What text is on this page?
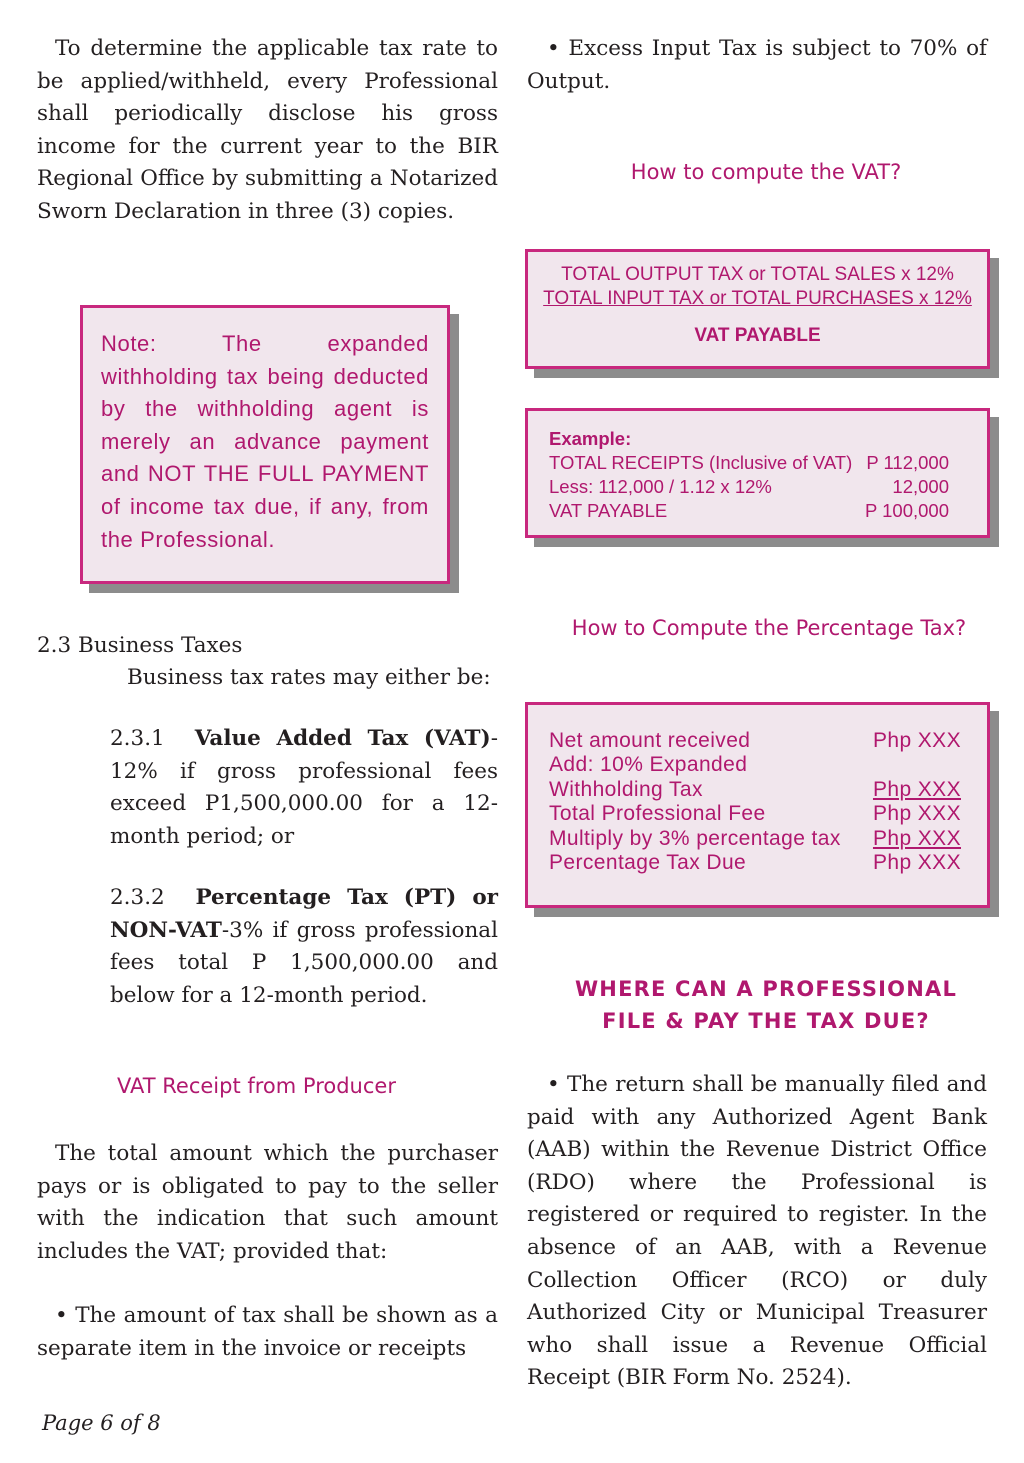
To determine the applicable tax rate to be applied/withheld, every Professional shall periodically disclose his gross income for the current year to the BIR Regional Office by submitting a Notarized Sworn Declaration in three (3) copies.
Note: The expanded withholding tax being deducted by the withholding agent is merely an advance payment and NOT THE FULL PAYMENT of income tax due, if any, from the Professional.
2.3 Business Taxes
Business tax rates may either be:
2.3.1 Value Added Tax (VAT)- 12% if gross professional fees exceed P1,500,000.00 for a 12-month period; or
2.3.2 Percentage Tax (PT) or NON-VAT-3% if gross professional fees total P 1,500,000.00 and below for a 12-month period.
VAT Receipt from Producer
The total amount which the purchaser pays or is obligated to pay to the seller with the indication that such amount includes the VAT; provided that:
• The amount of tax shall be shown as a separate item in the invoice or receipts
Page 6 of 8
• Excess Input Tax is subject to 70% of Output.
How to compute the VAT?
TOTAL OUTPUT TAX or TOTAL SALES x 12%
TOTAL INPUT TAX or TOTAL PURCHASES x 12%
VAT PAYABLE
Example:
TOTAL RECEIPTS (Inclusive of VAT) P 112,000
Less: 112,000 / 1.12 x 12%	12,000
VAT PAYABLE	P 100,000
How to Compute the Percentage Tax?
Net amount received	Php XXX
Add: 10% Expanded
Withholding Tax	Php XXX
Total Professional Fee	Php XXX
Multiply by 3% percentage tax Php XXX
Percentage Tax Due	Php XXX
WHERE CAN A PROFESSIONAL
FILE & PAY THE TAX DUE?
• The return shall be manually filed and paid with any Authorized Agent Bank (AAB) within the Revenue District Office (RDO) where the Professional is registered or required to register. In the absence of an AAB, with a Revenue Collection Officer (RCO) or duly Authorized City or Municipal Treasurer who shall issue a Revenue Official Receipt (BIR Form No. 2524).
